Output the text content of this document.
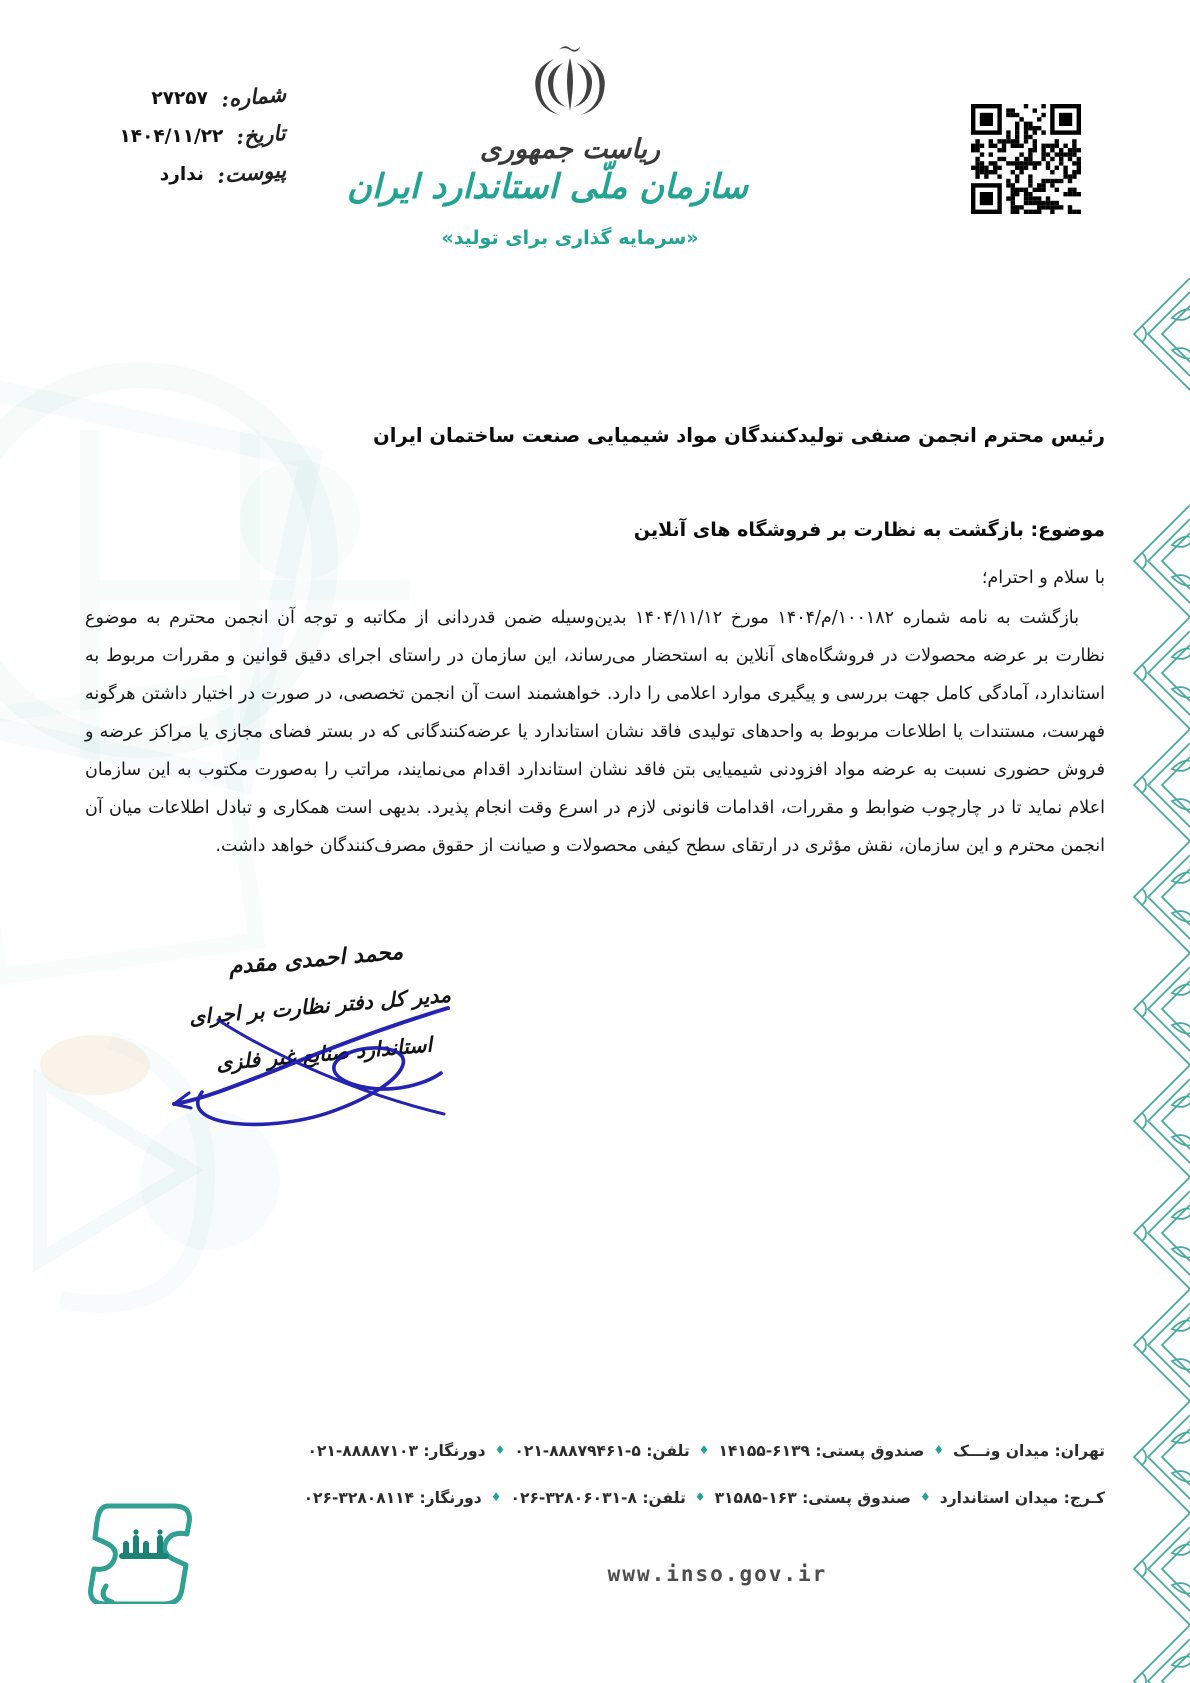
شماره: ۲۷۲۵۷
تاریخ: ۱۴۰۴/۱۱/۲۲
پیوست: ندارد
ریاست جمهوری
سازمان ملّی استاندارد ایران
«سرمایه گذاری برای تولید»
رئیس محترم انجمن صنفی تولیدکنندگان مواد شیمیایی صنعت ساختمان ایران
موضوع: بازگشت به نظارت بر فروشگاه های آنلاین
با سلام و احترام؛
بازگشت به نامه شماره ۱۰۰۱۸۲/م/۱۴۰۴ مورخ ۱۴۰۴/۱۱/۱۲ بدین‌وسیله ضمن قدردانی از مکاتبه و توجه آن انجمن محترم به موضوع نظارت بر عرضه محصولات در فروشگاه‌های آنلاین به استحضار می‌رساند، این سازمان در راستای اجرای دقیق قوانین و مقررات مربوط به استاندارد، آمادگی کامل جهت بررسی و پیگیری موارد اعلامی را دارد. خواهشمند است آن انجمن تخصصی، در صورت در اختیار داشتن هرگونه فهرست، مستندات یا اطلاعات مربوط به واحدهای تولیدی فاقد نشان استاندارد یا عرضه‌کنندگانی که در بستر فضای مجازی یا مراکز عرضه و فروش حضوری نسبت به عرضه مواد افزودنی شیمیایی بتن فاقد نشان استاندارد اقدام می‌نمایند، مراتب را به‌صورت مکتوب به این سازمان اعلام نماید تا در چارچوب ضوابط و مقررات، اقدامات قانونی لازم در اسرع وقت انجام پذیرد. بدیهی است همکاری و تبادل اطلاعات میان آن انجمن محترم و این سازمان، نقش مؤثری در ارتقای سطح کیفی محصولات و صیانت از حقوق مصرف‌کنندگان خواهد داشت.
محمد احمدی مقدم
مدیر کل دفتر نظارت بر اجرای
استاندارد صنایع غیر فلزی
تهران: میدان ونـــک♦صندوق پستی: ۱۴۱۵۵-۶۱۳۹♦تلفن: ۰۲۱-۸۸۸۷۹۴۶۱-۵♦دورنگار: ۰۲۱-۸۸۸۸۷۱۰۳
کـرج: میدان استاندارد♦صندوق پستی: ۳۱۵۸۵-۱۶۳♦تلفن: ۰۲۶-۳۲۸۰۶۰۳۱-۸♦دورنگار: ۰۲۶-۳۲۸۰۸۱۱۴
www.inso.gov.ir
